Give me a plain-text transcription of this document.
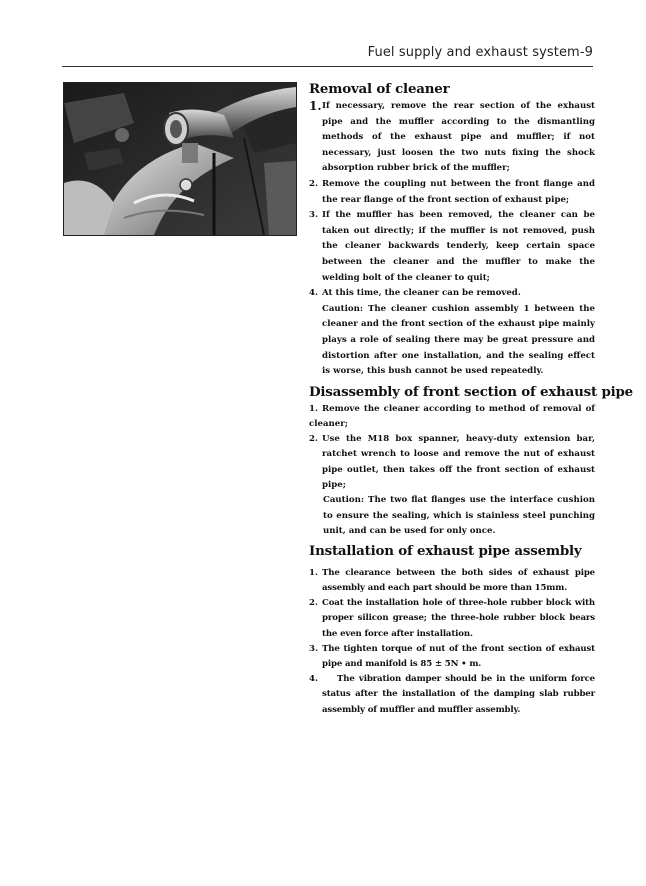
Fuel supply and exhaust system-9
Removal of cleaner
1. If necessary, remove the rear section of the exhaust pipe and the muffler according to the dismantling methods of the exhaust pipe and muffler; if not necessary, just loosen the two nuts fixing the shock absorption rubber brick of the muffler;
2. Remove the coupling nut between the front flange and the rear flange of the front section of exhaust pipe;
3. If the muffler has been removed, the cleaner can be taken out directly; if the muffler is not removed, push the cleaner backwards tenderly, keep certain space between the cleaner and the muffler to make the welding bolt of the cleaner to quit;
4. At this time, the cleaner can be removed.
Caution: The cleaner cushion assembly 1 between the cleaner and the front section of the exhaust pipe mainly plays a role of sealing there may be great pressure and distortion after one installation, and the sealing effect is worse, this bush cannot be used repeatedly.
Disassembly of front section of exhaust pipe
1. Remove the cleaner according to method of removal of cleaner;
2. Use the M18 box spanner, heavy-duty extension bar, ratchet wrench to loose and remove the nut of exhaust pipe outlet, then takes off the front section of exhaust pipe;
Caution: The two flat flanges use the interface cushion to ensure the sealing, which is stainless steel punching unit, and can be used for only once.
Installation of exhaust pipe assembly
1. The clearance between the both sides of exhaust pipe assembly and each part should be more than 15mm.
2. Coat the installation hole of three-hole rubber block with proper silicon grease; the three-hole rubber block bears the even force after installation.
3. The tighten torque of nut of the front section of exhaust pipe and manifold is 85 ± 5N • m.
4. The vibration damper should be in the uniform force status after the installation of the damping slab rubber assembly of muffler and muffler assembly.
